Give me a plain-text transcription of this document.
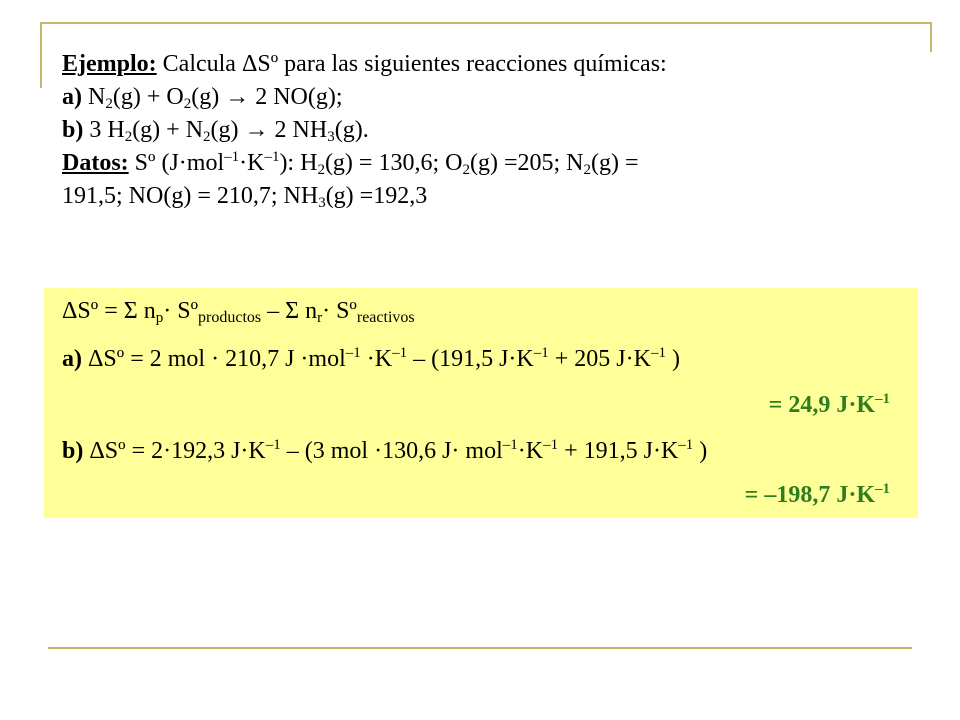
Ejemplo: Calcula ΔSº para las siguientes reacciones químicas:
a) $N_2(g) + O_2(g) \to 2$ NO(g);
b) 3 $H_2(g) + N_2(g) \to 2$ $NH_3(g)$.
Datos: Sº $(J\cdot mol^{-1}\cdot K^{-1})$: $H_2(g) = 130,6$; $O_2(g) =205$; $N_2(g)$ =
191,5; NO(g) = 210,7; $NH_3(g) =192,3$
ΔSº = Σ $n_p\cdot$ Sº$_{productos}$ – Σ $n_r\cdot$ Sº$_{reactivos}$
a) ΔSº = 2 mol · 210,7 $J \cdot mol^{-1} \cdot K^{-1} - (191,5$ $J\cdot K^{-1} + 205$ $J\cdot K^{-1}$ )
= 24,9 $J\cdot K^{-1}$
b) ΔSº = 2·192,3 $J\cdot K^{-1} - (3$ mol ·130,6 $J\cdot mol^{-1}\cdot K^{-1} + 191,5$ $J\cdot K^{-1}$ )
= –198,7 $J\cdot K^{-1}$
